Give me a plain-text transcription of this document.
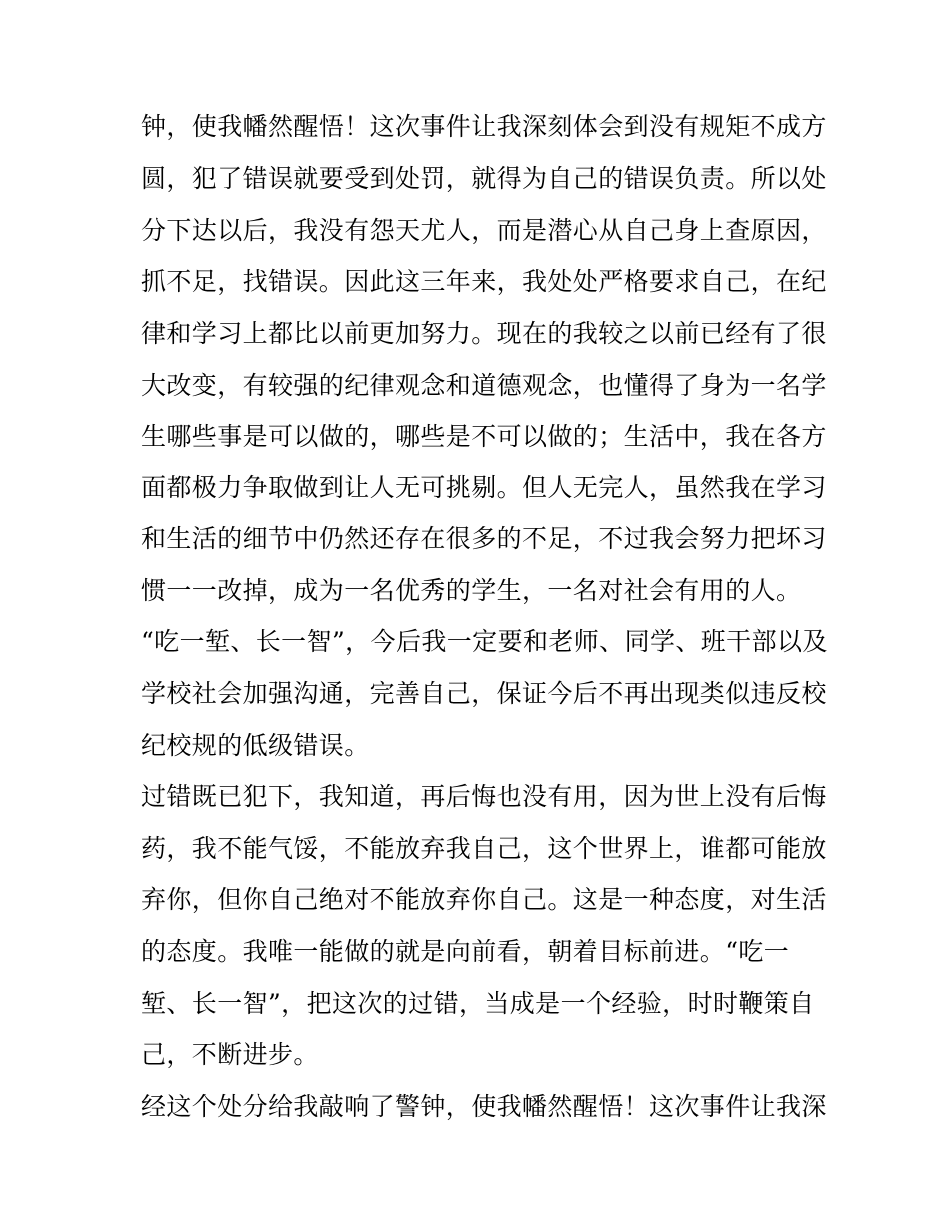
钟，使我幡然醒悟！这次事件让我深刻体会到没有规矩不成方
圆，犯了错误就要受到处罚，就得为自己的错误负责。所以处
分下达以后，我没有怨天尤人，而是潜心从自己身上查原因，
抓不足，找错误。因此这三年来，我处处严格要求自己，在纪
律和学习上都比以前更加努力。现在的我较之以前已经有了很
大改变，有较强的纪律观念和道德观念，也懂得了身为一名学
生哪些事是可以做的，哪些是不可以做的；生活中，我在各方
面都极力争取做到让人无可挑剔。但人无完人，虽然我在学习
和生活的细节中仍然还存在很多的不足，不过我会努力把坏习
惯一一改掉，成为一名优秀的学生，一名对社会有用的人。
“吃一堑、长一智”，今后我一定要和老师、同学、班干部以及
学校社会加强沟通，完善自己，保证今后不再出现类似违反校
纪校规的低级错误。
过错既已犯下，我知道，再后悔也没有用，因为世上没有后悔
药，我不能气馁，不能放弃我自己，这个世界上，谁都可能放
弃你，但你自己绝对不能放弃你自己。这是一种态度，对生活
的态度。我唯一能做的就是向前看，朝着目标前进。“吃一
堑、长一智”，把这次的过错，当成是一个经验，时时鞭策自
己，不断进步。
经这个处分给我敲响了警钟，使我幡然醒悟！这次事件让我深
